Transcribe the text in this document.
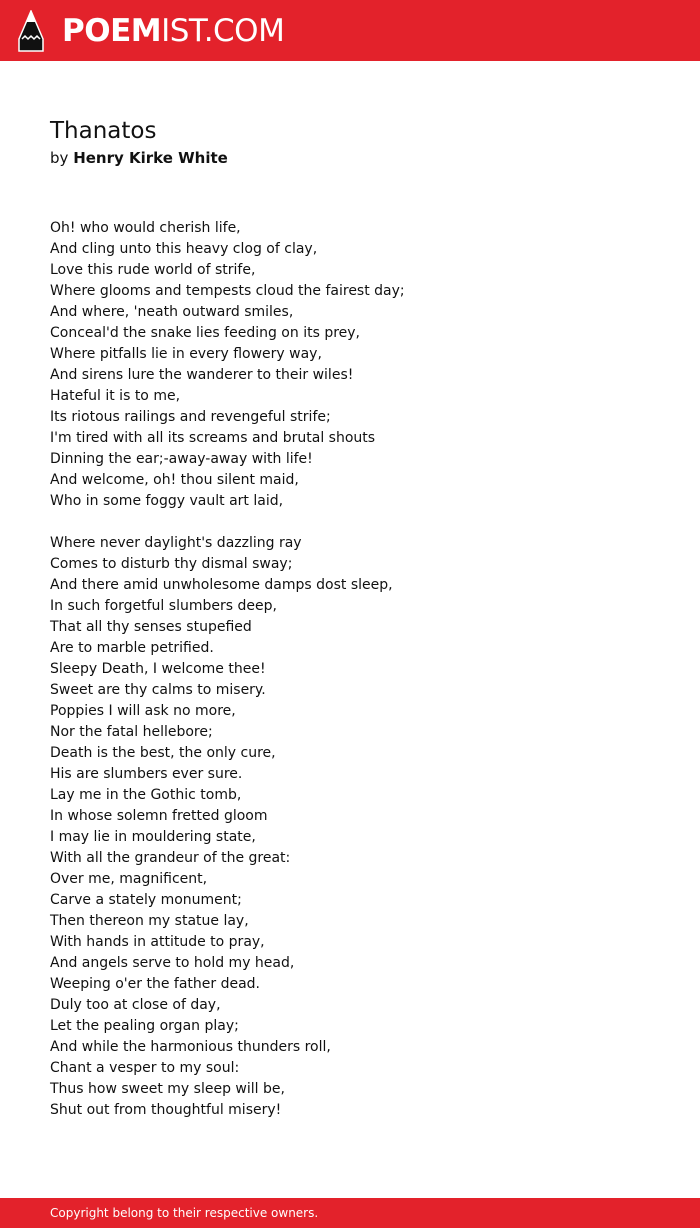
POEMIST.COM
Thanatos
by Henry Kirke White
Oh! who would cherish life,
And cling unto this heavy clog of clay,
Love this rude world of strife,
Where glooms and tempests cloud the fairest day;
And where, 'neath outward smiles,
Conceal'd the snake lies feeding on its prey,
Where pitfalls lie in every flowery way,
And sirens lure the wanderer to their wiles!
Hateful it is to me,
Its riotous railings and revengeful strife;
I'm tired with all its screams and brutal shouts
Dinning the ear;-away-away with life!
And welcome, oh! thou silent maid,
Who in some foggy vault art laid,
Where never daylight's dazzling ray
Comes to disturb thy dismal sway;
And there amid unwholesome damps dost sleep,
In such forgetful slumbers deep,
That all thy senses stupefied
Are to marble petrified.
Sleepy Death, I welcome thee!
Sweet are thy calms to misery.
Poppies I will ask no more,
Nor the fatal hellebore;
Death is the best, the only cure,
His are slumbers ever sure.
Lay me in the Gothic tomb,
In whose solemn fretted gloom
I may lie in mouldering state,
With all the grandeur of the great:
Over me, magnificent,
Carve a stately monument;
Then thereon my statue lay,
With hands in attitude to pray,
And angels serve to hold my head,
Weeping o'er the father dead.
Duly too at close of day,
Let the pealing organ play;
And while the harmonious thunders roll,
Chant a vesper to my soul:
Thus how sweet my sleep will be,
Shut out from thoughtful misery!
Copyright belong to their respective owners.
